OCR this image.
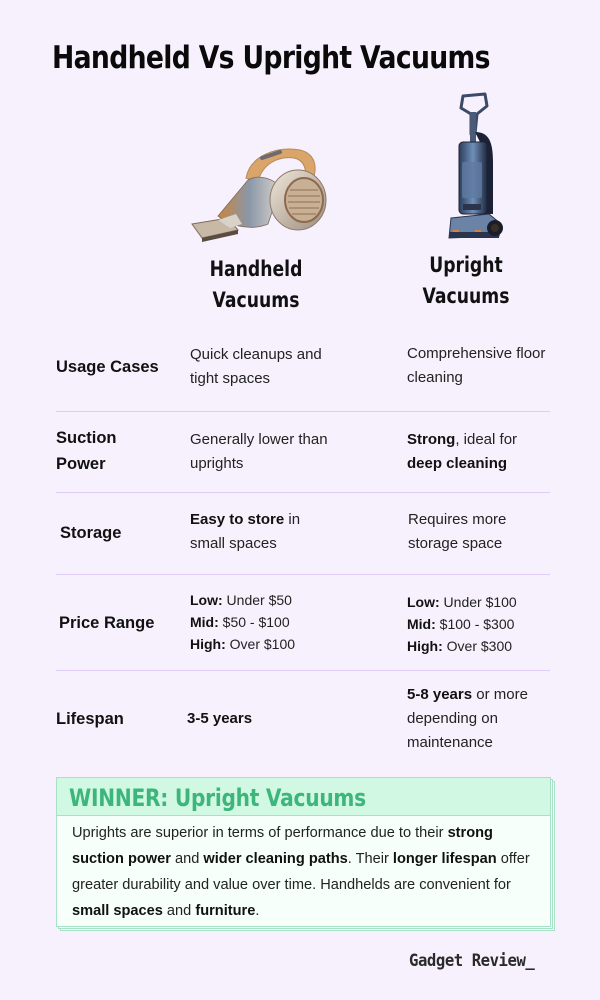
Handheld Vs Upright Vacuums
Handheld
Vacuums
Upright
Vacuums
Usage Cases
Quick cleanups and
tight spaces
Comprehensive floor
cleaning
Suction
Power
Generally lower than uprights
Strong, ideal for
deep cleaning
Storage
Easy to store in small spaces
Requires more storage space
Price Range
Low: Under $50
Mid: $50 - $100
High: Over $100
Low: Under $100
Mid: $100 - $300
High: Over $300
Lifespan	3-5 years
5-8 years or more depending on maintenance
WINNER: Upright Vacuums
Uprights are superior in terms of performance due to their strong suction power and wider cleaning paths. Their longer lifespan offer greater durability and value over time. Handhelds are convenient for small spaces and furniture.
Gadget Review_
